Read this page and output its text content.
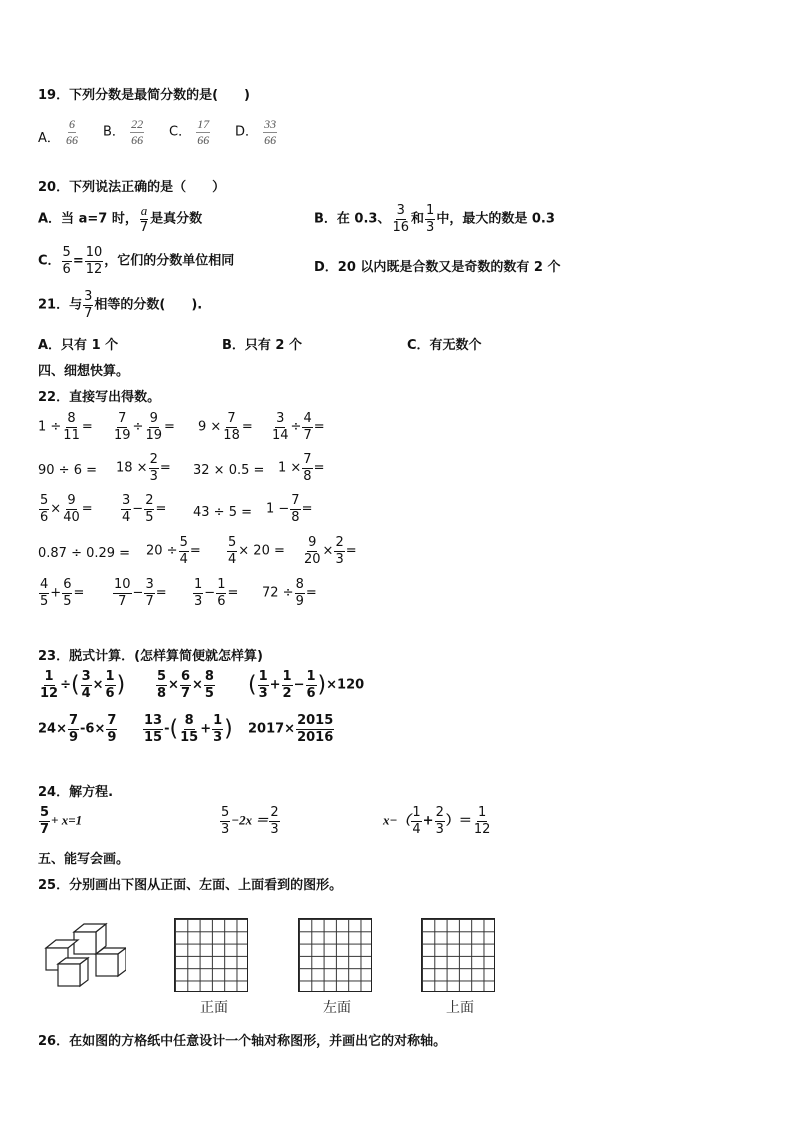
19．下列分数是最简分数的是(　　)
A． $\frac{6}{66}$ B． $\frac{22}{66}$ C． $\frac{17}{66}$ D． $\frac{33}{66}$
20．下列说法正确的是（　　）
A．当 a=7 时， $\frac{a}{7}$ 是真分数	B．在 0.3、 $\frac{3}{16}$ 和 $\frac{1}{3}$ 中，最大的数是 0.3
C． $\frac{5}{6} = \frac{10}{12}$ ，它们的分数单位相同	D．20 以内既是合数又是奇数的数有 2 个
21．与 $\frac{3}{7}$ 相等的分数(　　).
A．只有 1 个	B．只有 2 个	C．有无数个
四、细想快算。
22．直接写出得数。
$1 \div \frac{8}{11} = \frac{7}{19} \div \frac{9}{19} = 9 \times \frac{7}{18} = \frac{3}{14} \div \frac{4}{7}$ =
$90 \div 6 = 18 \times \frac{2}{3} = 32 \times 0.5 = 1 \times \frac{7}{8}$ =
$\frac{5}{6} \times \frac{9}{40} = \frac{3}{4} - \frac{2}{5} = 43 \div 5 = 1 - \frac{7}{8}$ =
$0.87 \div 0.29 = 20 \div \frac{5}{4} = \frac{5}{4} \times 20 = \frac{9}{20} \times \frac{2}{3}$ =
$\frac{4}{5} + \frac{6}{5} = \frac{10}{7} - \frac{3}{7} = \frac{1}{3} - \frac{1}{6} = 72 \div \frac{8}{9}$ =
23．脱式计算．(怎样算简便就怎样算)
$\frac{1}{12}$ ÷( $\frac{3}{4} \times \frac{1}{6}$ ) $\frac{5}{8} \times \frac{6}{7} \times \frac{8}{5}$ ( $\frac{1}{3} + \frac{1}{2} - \frac{1}{6} )\times 120$
$24\times \frac{7}{9} -6\times \frac{7}{9} \frac{13}{15}$ -( $\frac{8}{15} + \frac{1}{3}$ ) $2017\times \frac{2015}{2016}$
24．解方程.
$\frac{5}{7} + x=1$	$\frac{5}{3} -2x = \frac{2}{3}$	$x-( \frac{1}{4} + \frac{2}{3}$ ）＝ $\frac{1}{12}$
五、能写会画。
25．分别画出下图从正面、左面、上面看到的图形。
正面	左面	上面
26．在如图的方格纸中任意设计一个轴对称图形，并画出它的对称轴。
